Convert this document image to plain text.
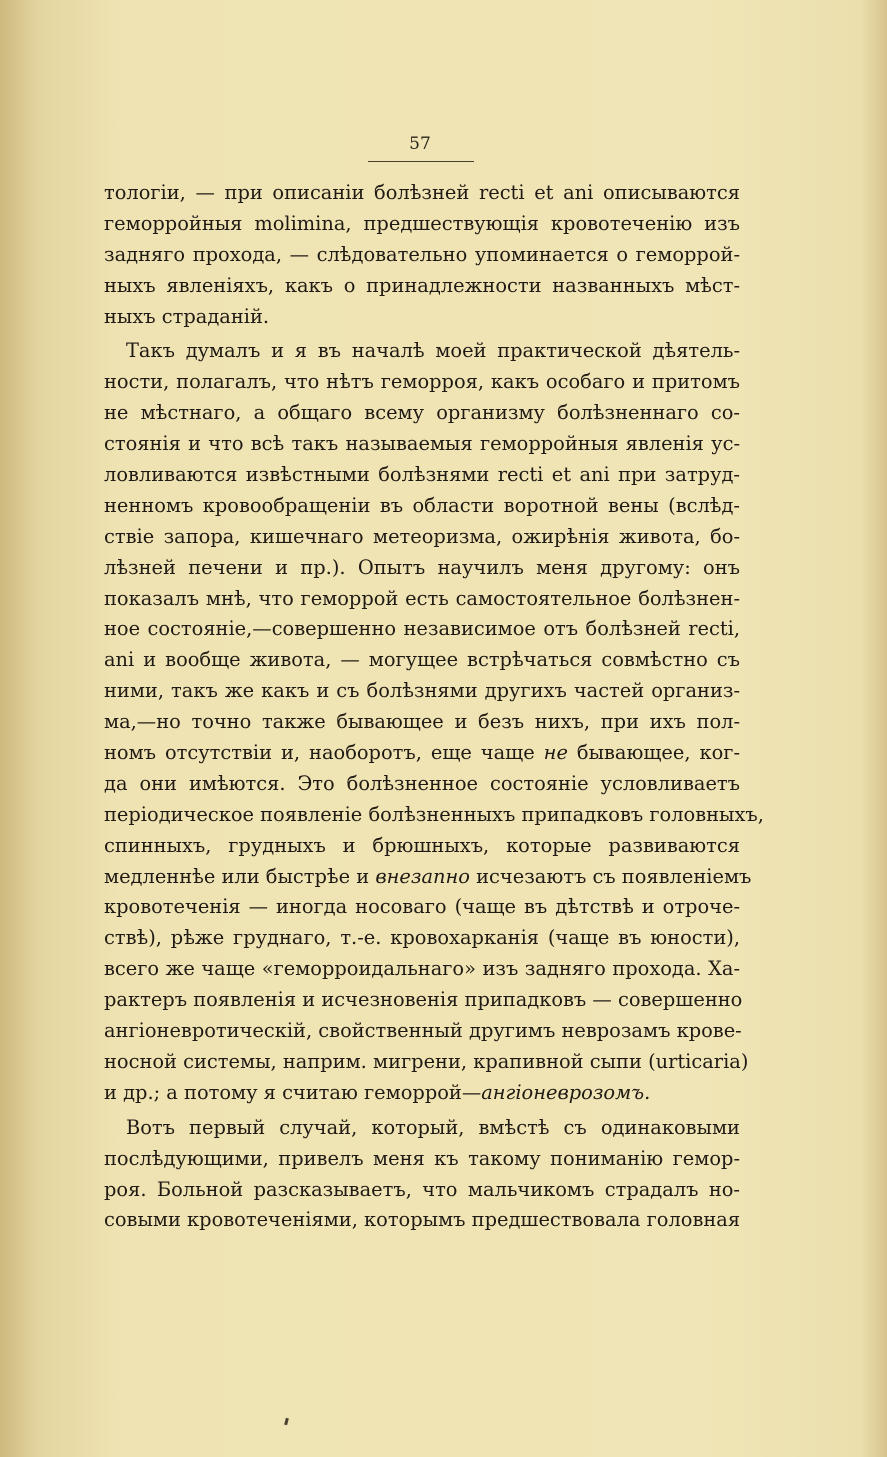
57
тологiи, — при описанiи болѣзней recti et ani описываются
геморройныя molimina, предшествующiя кровотеченiю изъ
задняго прохода, — слѣдовательно упоминается о геморрой-
ныхъ явленiяхъ, какъ о принадлежности названныхъ мѣст-
ныхъ страданiй.
Такъ думалъ и я въ началѣ моей практической дѣятель-
ности, полагалъ, что нѣтъ геморроя, какъ особаго и притомъ
не мѣстнаго, а общаго всему организму болѣзненнаго со-
стоянiя и что всѣ такъ называемыя геморройныя явленiя ус-
ловливаются извѣстными болѣзнями recti et ani при затруд-
ненномъ кровообращенiи въ области воротной вены (вслѣд-
ствiе запора, кишечнаго метеоризма, ожирѣнiя живота, бо-
лѣзней печени и пр.). Опытъ научилъ меня другому: онъ
показалъ мнѣ, что геморрой есть самостоятельное болѣзнен-
ное состоянiе,—совершенно независимое отъ болѣзней recti,
ani и вообще живота, — могущее встрѣчаться совмѣстно съ
ними, такъ же какъ и съ болѣзнями другихъ частей организ-
ма,—но точно также бывающее и безъ нихъ, при ихъ пол-
номъ отсутствiи и, наоборотъ, еще чаще не бывающее, ког-
да они имѣются. Это болѣзненное состоянiе условливаетъ
перiодическое появленiе болѣзненныхъ припадковъ головныхъ,
спинныхъ, грудныхъ и брюшныхъ, которые развиваются
медленнѣе или быстрѣе и внезапно исчезаютъ съ появленiемъ
кровотеченiя — иногда носоваго (чаще въ дѣтствѣ и отроче-
ствѣ), рѣже груднаго, т.-е. кровохарканiя (чаще въ юности),
всего же чаще «геморроидальнаго» изъ задняго прохода. Ха-
рактеръ появленiя и исчезновенiя припадковъ — совершенно
ангiоневротическiй, свойственный другимъ неврозамъ крове-
носной системы, наприм. мигрени, крапивной сыпи (urticaria)
и др.; а потому я считаю геморрой—ангiоневрозомъ.
Вотъ первый случай, который, вмѣстѣ съ одинаковыми
послѣдующими, привелъ меня къ такому пониманiю гемор-
роя. Больной разсказываетъ, что мальчикомъ страдалъ но-
совыми кровотеченiями, которымъ предшествовала головная
